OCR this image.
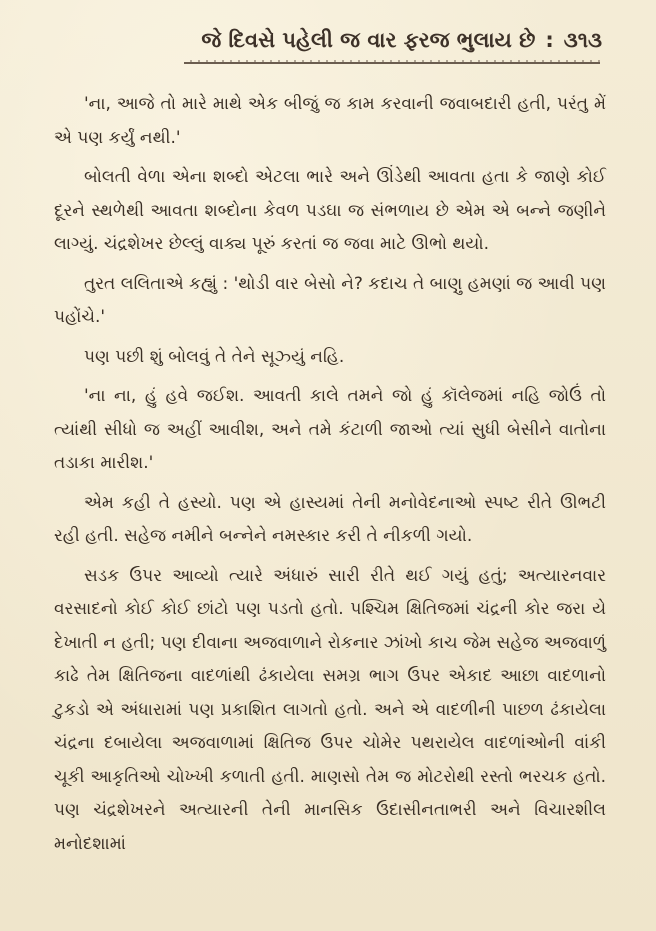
જે દિવસે પહેલી જ વાર ફરજ ભુલાય છે : ૩૧૩

'ના, આજે તો મારે માથે એક બીજું જ કામ કરવાની જવાબદારી હતી, પરંતુ મેં એ પણ કર્યું નથી.'

બોલતી વેળા એના શબ્દો એટલા ભારે અને ઊંડેથી આવતા હતા કે જાણે કોઈ દૂરને સ્થળેથી આવતા શબ્દોના કેવળ પડઘા જ સંભળાય છે એમ એ બન્ને જણીને લાગ્યું. ચંદ્રશેખર છેલ્લું વાક્ય પૂરું કરતાં જ જવા માટે ઊભો થયો.

તુરત લલિતાએ કહ્યું : 'થોડી વાર બેસો ને? કદાચ તે બાણુ હમણાં જ આવી પણ પહોંચે.'

પણ પછી શું બોલવું તે તેને સૂઝ્યું નહિ.

'ના ના, હું હવે જઈશ. આવતી કાલે તમને જો હું કૉલેજમાં નહિ જોઉં તો ત્યાંથી સીધો જ અહીં આવીશ, અને તમે કંટાળી જાઓ ત્યાં સુધી બેસીને વાતોના તડાકા મારીશ.'

એમ કહી તે હસ્યો. પણ એ હાસ્યમાં તેની મનોવેદનાઓ સ્પષ્ટ રીતે ઊભટી રહી હતી. સહેજ નમીને બન્નેને નમસ્કાર કરી તે નીકળી ગયો.

સડક ઉપર આવ્યો ત્યારે અંધારું સારી રીતે થઈ ગયું હતું; અત્યારનવાર વરસાદનો કોઈ કોઈ છાંટો પણ પડતો હતો. પશ્ચિમ ક્ષિતિજમાં ચંદ્રની કોર જરા યે દેખાતી ન હતી; પણ દીવાના અજવાળાને રોકનાર ઝાંખો કાચ જેમ સહેજ અજવાળું કાઢે તેમ ક્ષિતિજના વાદળાંથી ઢંકાયેલા સમગ્ર ભાગ ઉપર એકાદ આછા વાદળાનો ટુકડો એ અંધારામાં પણ પ્રકાશિત લાગતો હતો. અને એ વાદળીની પાછળ ઢંકાયેલા ચંદ્રના દબાયેલા અજવાળામાં ક્ષિતિજ ઉપર ચોમેર પથરાયેલ વાદળાંઓની વાંકી ચૂકી આકૃતિઓ ચોખ્ખી કળાતી હતી. માણસો તેમ જ મોટરોથી રસ્તો ભરચક હતો. પણ ચંદ્રશેખરને અત્યારની તેની માનસિક ઉદાસીનતાભરી અને વિચારશીલ મનોદશામાં
